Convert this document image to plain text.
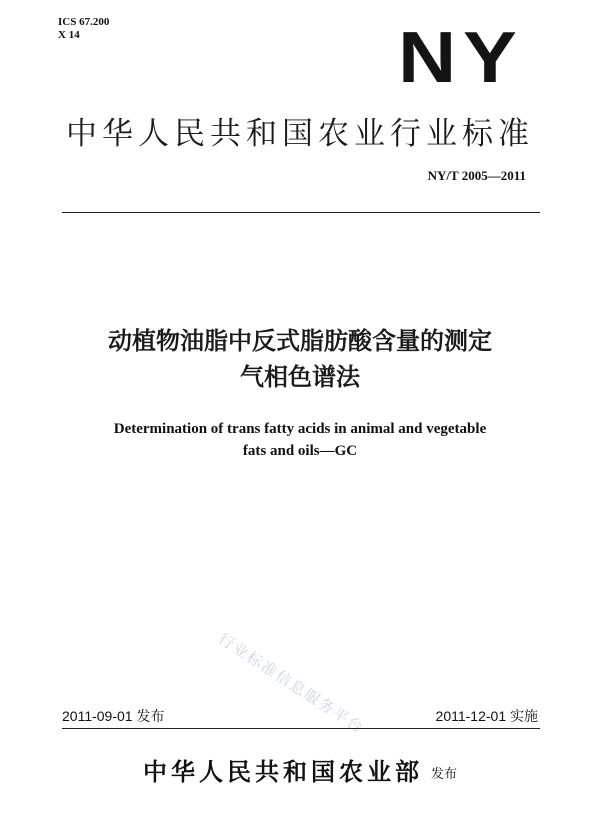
ICS 67.200
X 14	NY
中华人民共和国农业行业标准
NY/T 2005—2011
动植物油脂中反式脂肪酸含量的测定
气相色谱法
Determination of trans fatty acids in animal and vegetable
fats and oils—GC
行业标准信息服务平台
2011-09-01 发布	2011-12-01 实施
中华人民共和国农业部 发布
